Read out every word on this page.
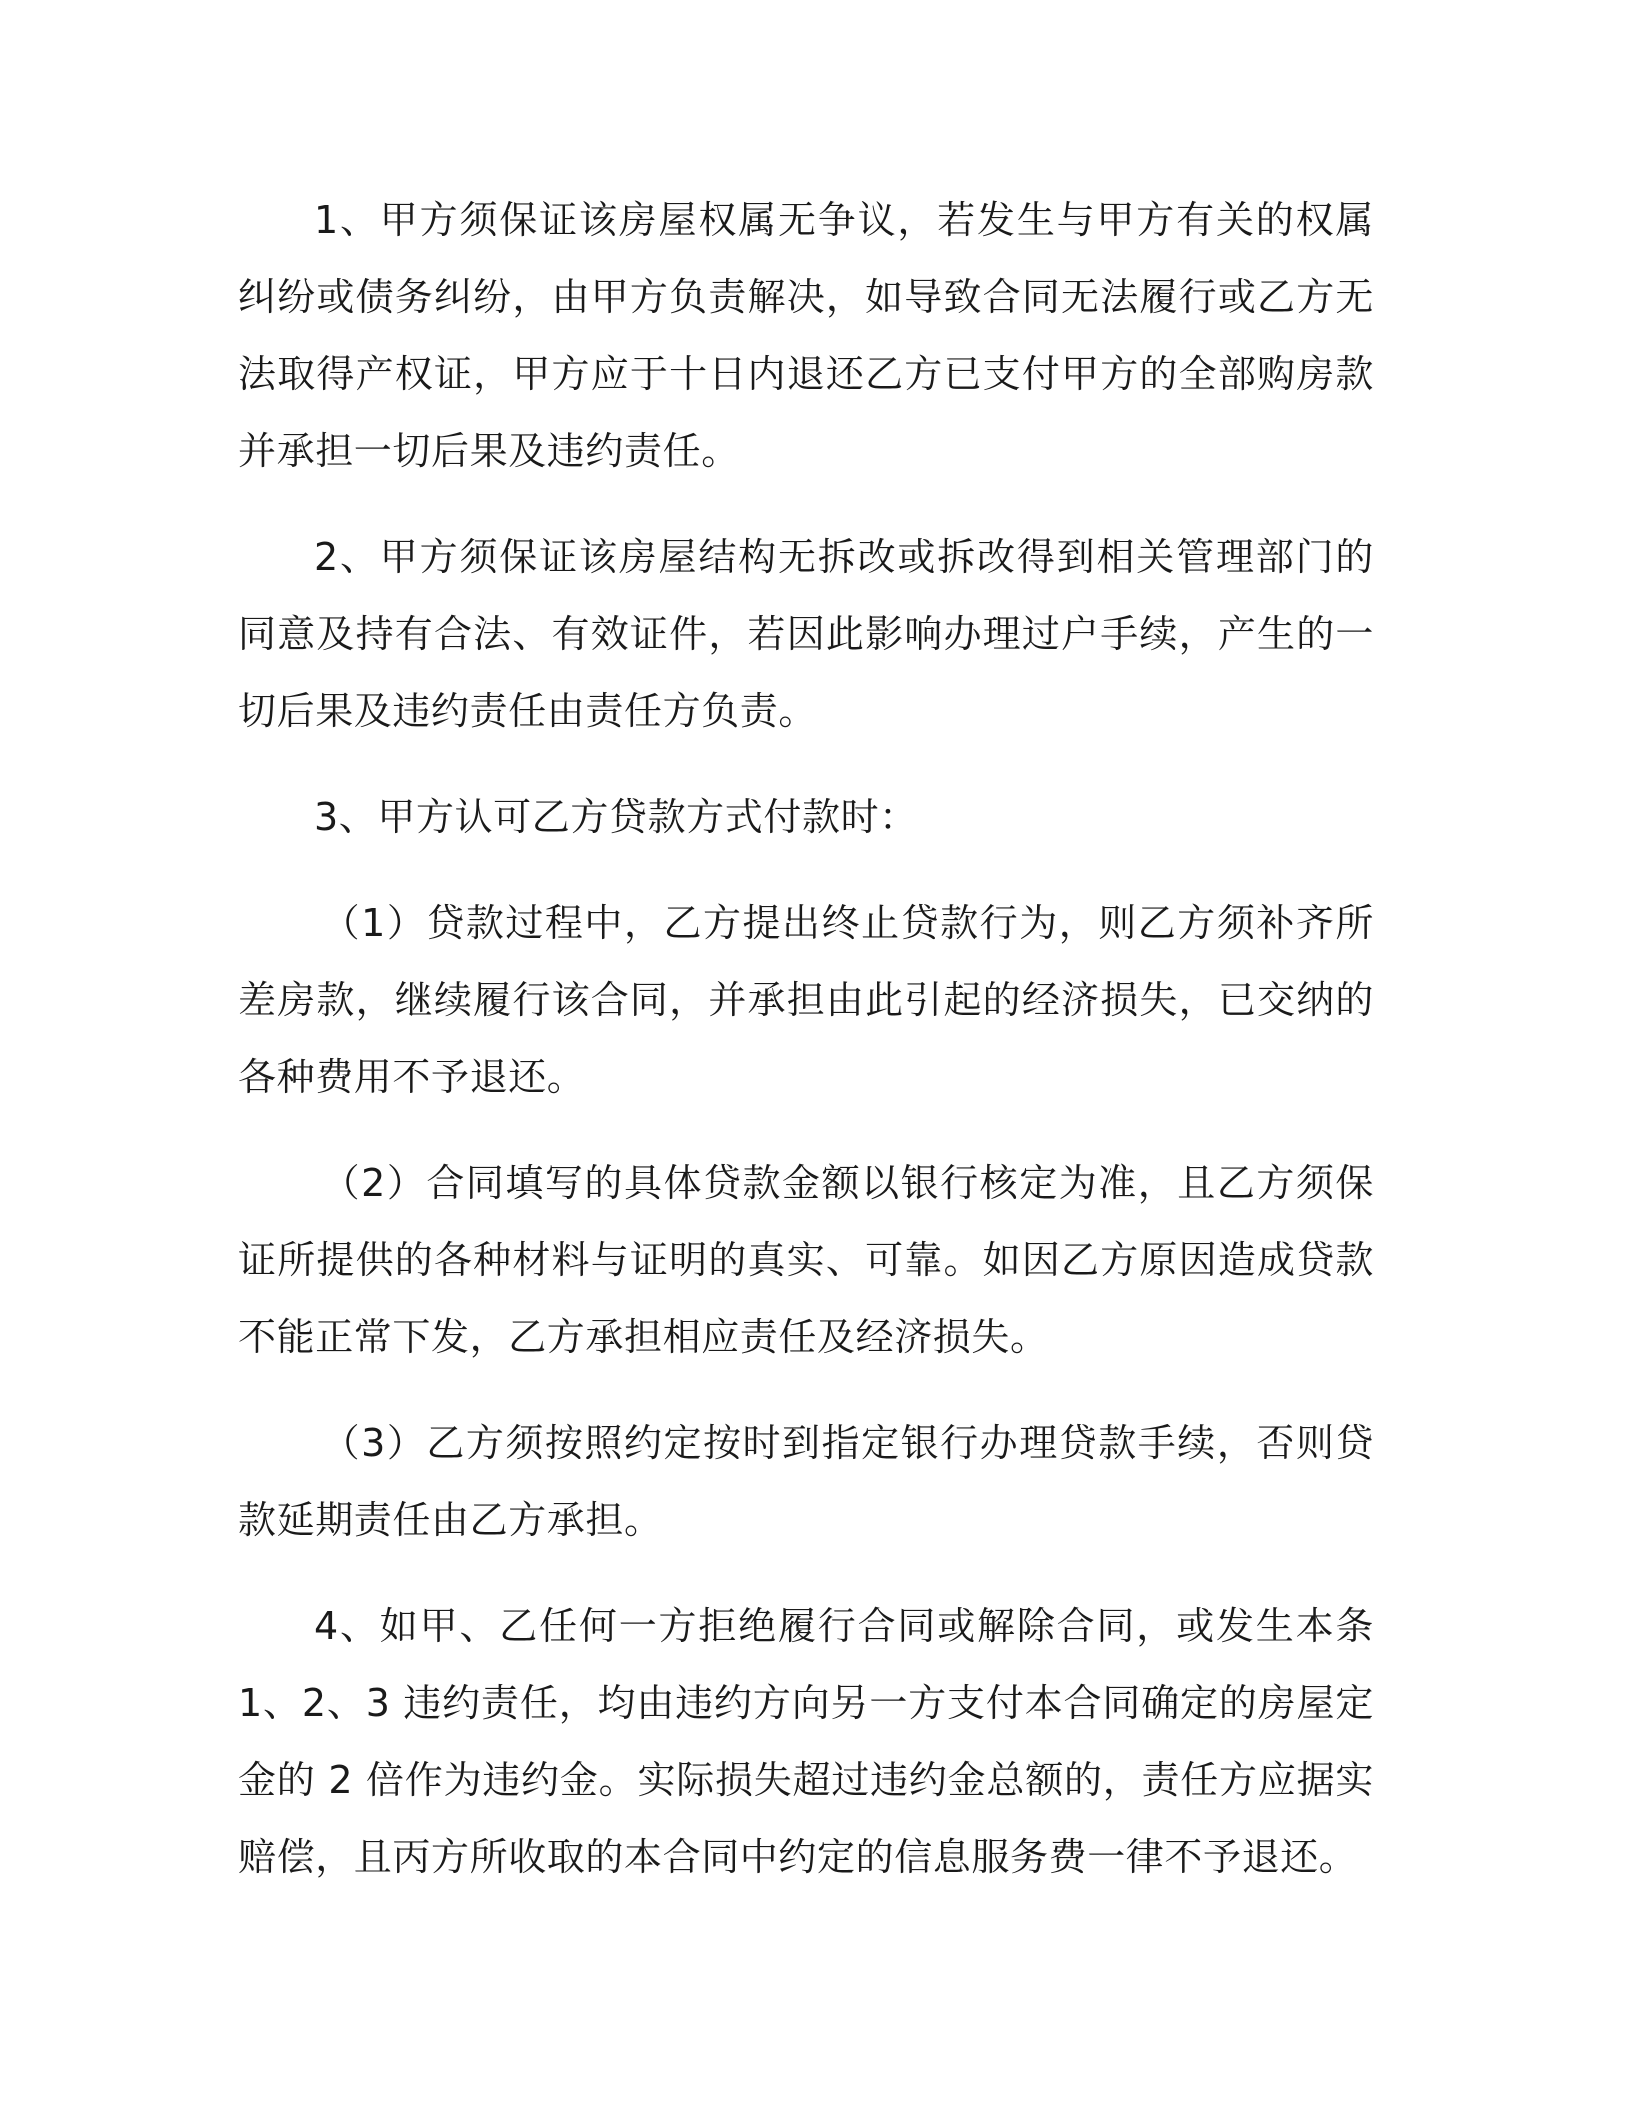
1、甲方须保证该房屋权属无争议，若发生与甲方有关的权属纠纷或债务纠纷，由甲方负责解决，如导致合同无法履行或乙方无法取得产权证，甲方应于十日内退还乙方已支付甲方的全部购房款并承担一切后果及违约责任。

2、甲方须保证该房屋结构无拆改或拆改得到相关管理部门的同意及持有合法、有效证件，若因此影响办理过户手续，产生的一切后果及违约责任由责任方负责。

3、甲方认可乙方贷款方式付款时：

（1）贷款过程中，乙方提出终止贷款行为，则乙方须补齐所差房款，继续履行该合同，并承担由此引起的经济损失，已交纳的各种费用不予退还。

（2）合同填写的具体贷款金额以银行核定为准，且乙方须保证所提供的各种材料与证明的真实、可靠。如因乙方原因造成贷款不能正常下发，乙方承担相应责任及经济损失。

（3）乙方须按照约定按时到指定银行办理贷款手续，否则贷款延期责任由乙方承担。

4、如甲、乙任何一方拒绝履行合同或解除合同，或发生本条 1、2、3 违约责任，均由违约方向另一方支付本合同确定的房屋定金的 2 倍作为违约金。实际损失超过违约金总额的，责任方应据实赔偿，且丙方所收取的本合同中约定的信息服务费一律不予退还。
